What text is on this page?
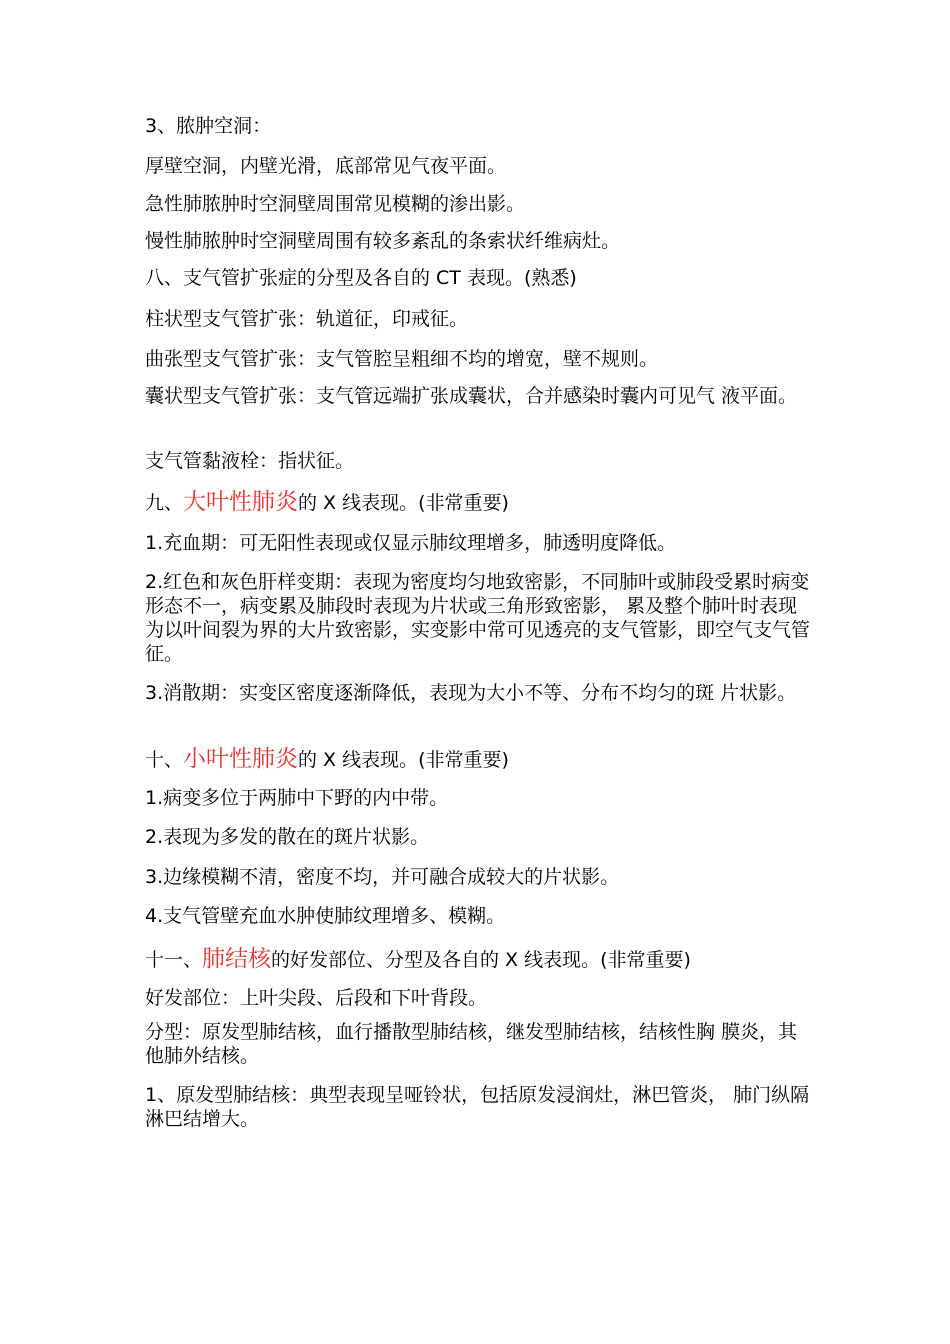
3、脓肿空洞：
厚壁空洞，内壁光滑，底部常见气夜平面。
急性肺脓肿时空洞壁周围常见模糊的渗出影。
慢性肺脓肿时空洞壁周围有较多紊乱的条索状纤维病灶。
八、支气管扩张症的分型及各自的 CT 表现。(熟悉)
柱状型支气管扩张：轨道征，印戒征。
曲张型支气管扩张：支气管腔呈粗细不均的增宽，壁不规则。
囊状型支气管扩张：支气管远端扩张成囊状，合并感染时囊内可见气 液平面。
支气管黏液栓：指状征。
九、大叶性肺炎的 X 线表现。(非常重要)
1.充血期：可无阳性表现或仅显示肺纹理增多，肺透明度降低。
2.红色和灰色肝样变期：表现为密度均匀地致密影，不同肺叶或肺段受累时病变形态不一，病变累及肺段时表现为片状或三角形致密影， 累及整个肺叶时表现为以叶间裂为界的大片致密影，实变影中常可见透亮的支气管影，即空气支气管征。
3.消散期：实变区密度逐渐降低，表现为大小不等、分布不均匀的斑 片状影。
十、小叶性肺炎的 X 线表现。(非常重要)
1.病变多位于两肺中下野的内中带。
2.表现为多发的散在的斑片状影。
3.边缘模糊不清，密度不均，并可融合成较大的片状影。
4.支气管壁充血水肿使肺纹理增多、模糊。
十一、肺结核的好发部位、分型及各自的 X 线表现。(非常重要)
好发部位：上叶尖段、后段和下叶背段。
分型：原发型肺结核，血行播散型肺结核，继发型肺结核，结核性胸 膜炎，其他肺外结核。
1、原发型肺结核：典型表现呈哑铃状，包括原发浸润灶，淋巴管炎， 肺门纵隔淋巴结增大。
